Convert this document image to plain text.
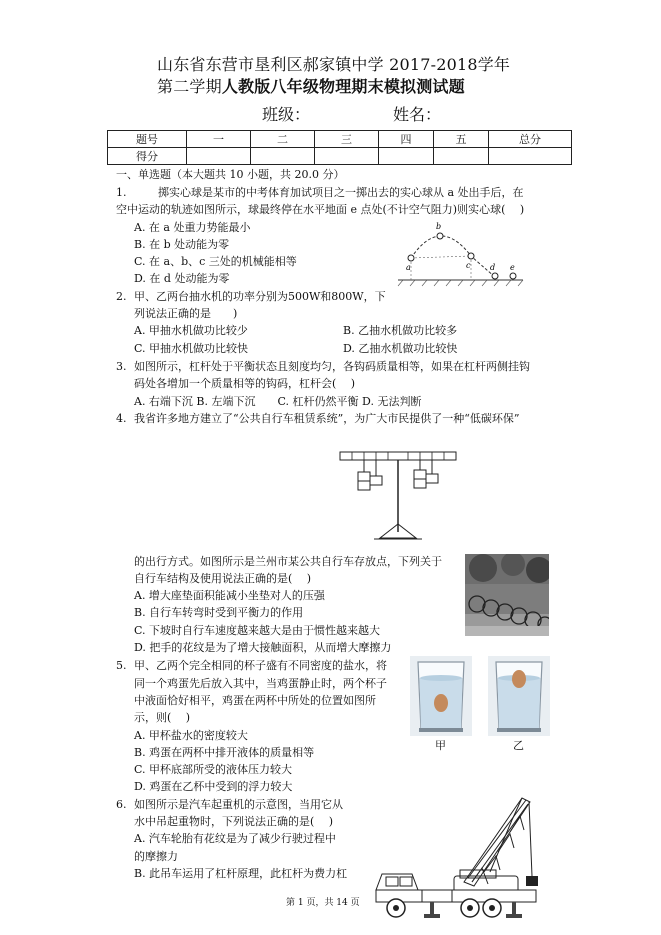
山东省东营市垦利区郝家镇中学 2017-2018学年
第二学期人教版八年级物理期末模拟测试题
班级：	姓名：
题号	一	二	三	四	五	总分
得分						
一、单选题（本大题共 10 小题，共 20.0 分）
1.	掷实心球是某市的中考体育加试项目之一掷出去的实心球从 a 处出手后，在
空中运动的轨迹如图所示，球最终停在水平地面 e 点处(不计空气阻力)则实心球(　 )
A. 在 a 处重力势能最小
B. 在 b 处动能为零
C. 在 a、b、c 三处的机械能相等
D. 在 d 处动能为零
b
a	c d e
2. 甲、乙两台抽水机的功率分别为500W和800W，下
列说法正确的是　　)
A. 甲抽水机做功比较少	B. 乙抽水机做功比较多
C. 甲抽水机做功比较快	D. 乙抽水机做功比较快
3. 如图所示，杠杆处于平衡状态且刻度均匀，各钩码质量相等，如果在杠杆两侧挂钩
码处各增加一个质量相等的钩码，杠杆会(　 )
A. 右端下沉 B. 左端下沉　　C. 杠杆仍然平衡 D. 无法判断
4. 我省许多地方建立了“公共自行车租赁系统”，为广大市民提供了一种“低碳环保”
的出行方式。如图所示是兰州市某公共自行车存放点，下列关于
自行车结构及使用说法正确的是(　 )
A. 增大座垫面积能减小坐垫对人的压强
B. 自行车转弯时受到平衡力的作用
C. 下坡时自行车速度越来越大是由于惯性越来越大
D. 把手的花纹是为了增大接触面积，从而增大摩擦力
5. 甲、乙两个完全相同的杯子盛有不同密度的盐水，将
同一个鸡蛋先后放入其中，当鸡蛋静止时，两个杯子
中液面恰好相平，鸡蛋在两杯中所处的位置如图所
示，则(　 )
A. 甲杯盐水的密度较大
B. 鸡蛋在两杯中排开液体的质量相等
C. 甲杯底部所受的液体压力较大
D. 鸡蛋在乙杯中受到的浮力较大
甲	乙
6. 如图所示是汽车起重机的示意图，当用它从
水中吊起重物时，下列说法正确的是(　 )
A. 汽车轮胎有花纹是为了减少行驶过程中
的摩擦力
B. 此吊车运用了杠杆原理，此杠杆为费力杠
第 1 页，共 14 页
